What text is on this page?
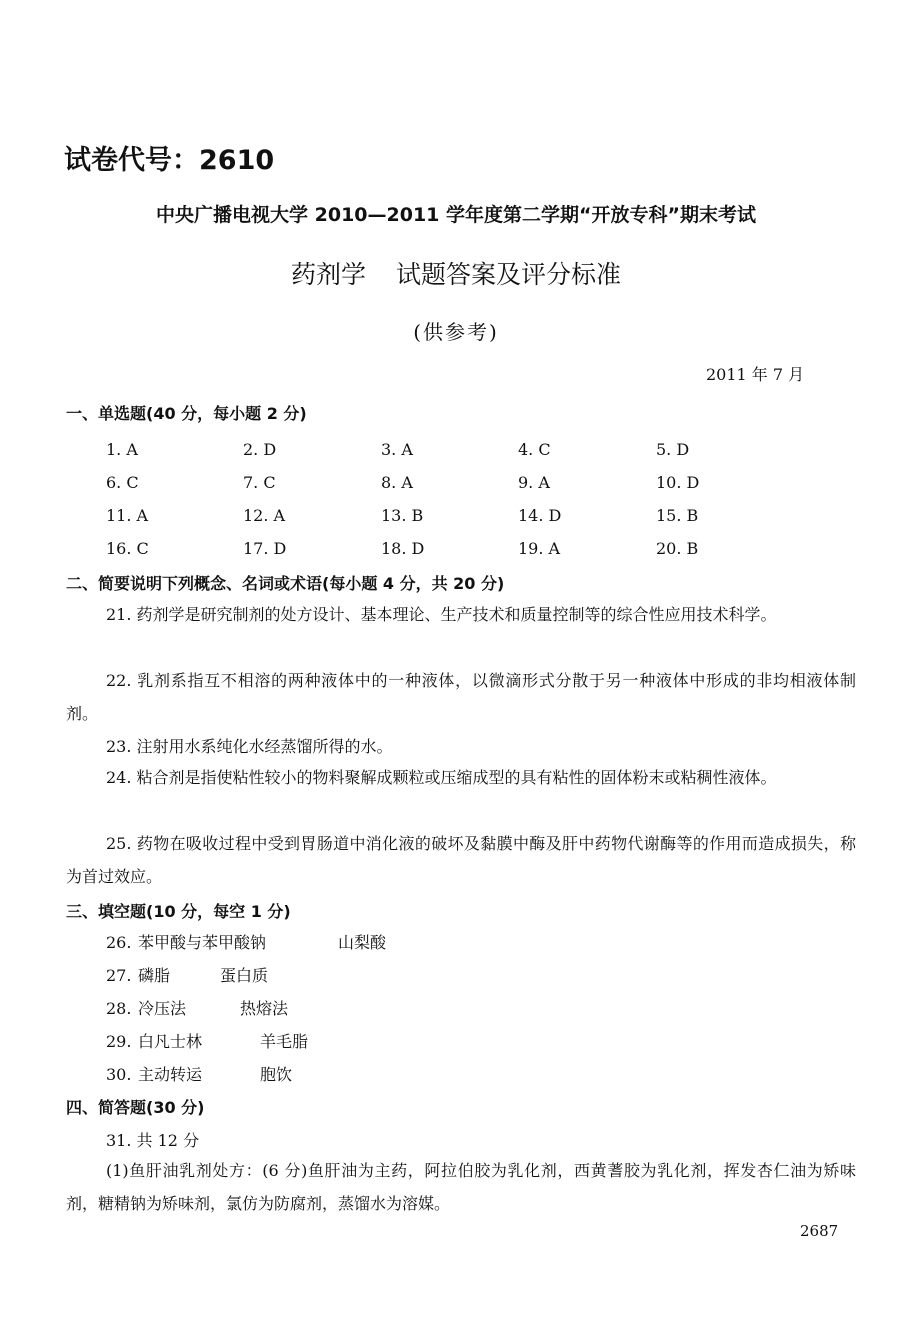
试卷代号：2610
中央广播电视大学 2010—2011 学年度第二学期“开放专科”期末考试
药剂学 试题答案及评分标准
(供参考)
2011 年 7 月
一、单选题(40 分，每小题 2 分)
1. A	2. D	3. A	4. C	5. D
6. C	7. C	8. A	9. A	10. D
11. A	12. A	13. B	14. D	15. B
16. C	17. D	18. D	19. A	20. B
二、简要说明下列概念、名词或术语(每小题 4 分，共 20 分)
21. 药剂学是研究制剂的处方设计、基本理论、生产技术和质量控制等的综合性应用技术科学。
22. 乳剂系指互不相溶的两种液体中的一种液体，以微滴形式分散于另一种液体中形成的非均相液体制剂。
23. 注射用水系纯化水经蒸馏所得的水。
24. 粘合剂是指使粘性较小的物料聚解成颗粒或压缩成型的具有粘性的固体粉末或粘稠性液体。
25. 药物在吸收过程中受到胃肠道中消化液的破坏及黏膜中酶及肝中药物代谢酶等的作用而造成损失，称为首过效应。
三、填空题(10 分，每空 1 分)
26. 苯甲酸与苯甲酸钠	山梨酸
27. 磷脂	蛋白质
28. 冷压法	热熔法
29. 白凡士林	羊毛脂
30. 主动转运	胞饮
四、简答题(30 分)
31. 共 12 分
(1)鱼肝油乳剂处方：(6 分)鱼肝油为主药，阿拉伯胶为乳化剂，西黄蓍胶为乳化剂，挥发杏仁油为矫味剂，糖精钠为矫味剂，氯仿为防腐剂，蒸馏水为溶媒。
2687
